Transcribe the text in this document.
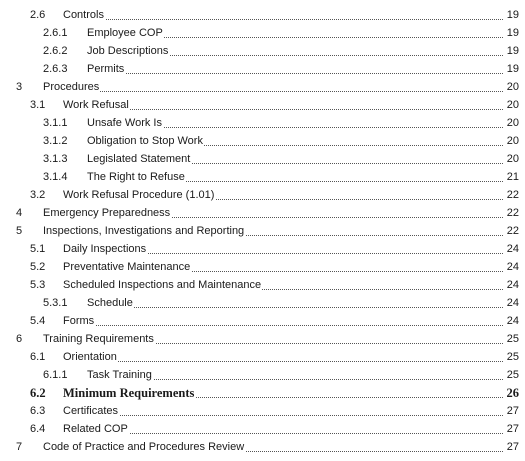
2.6 Controls	19
2.6.1 Employee COP	19
2.6.2 Job Descriptions	19
2.6.3 Permits	19
3 Procedures	20
3.1 Work Refusal	20
3.1.1 Unsafe Work Is	20
3.1.2 Obligation to Stop Work	20
3.1.3 Legislated Statement	20
3.1.4 The Right to Refuse	21
3.2 Work Refusal Procedure (1.01)	22
4 Emergency Preparedness	22
5 Inspections, Investigations and Reporting	22
5.1 Daily Inspections	24
5.2 Preventative Maintenance	24
5.3 Scheduled Inspections and Maintenance	24
5.3.1 Schedule	24
5.4 Forms	24
6 Training Requirements	25
6.1 Orientation	25
6.1.1 Task Training	25
6.2 Minimum Requirements	26
6.3 Certificates	27
6.4 Related COP	27
7 Code of Practice and Procedures Review	27
